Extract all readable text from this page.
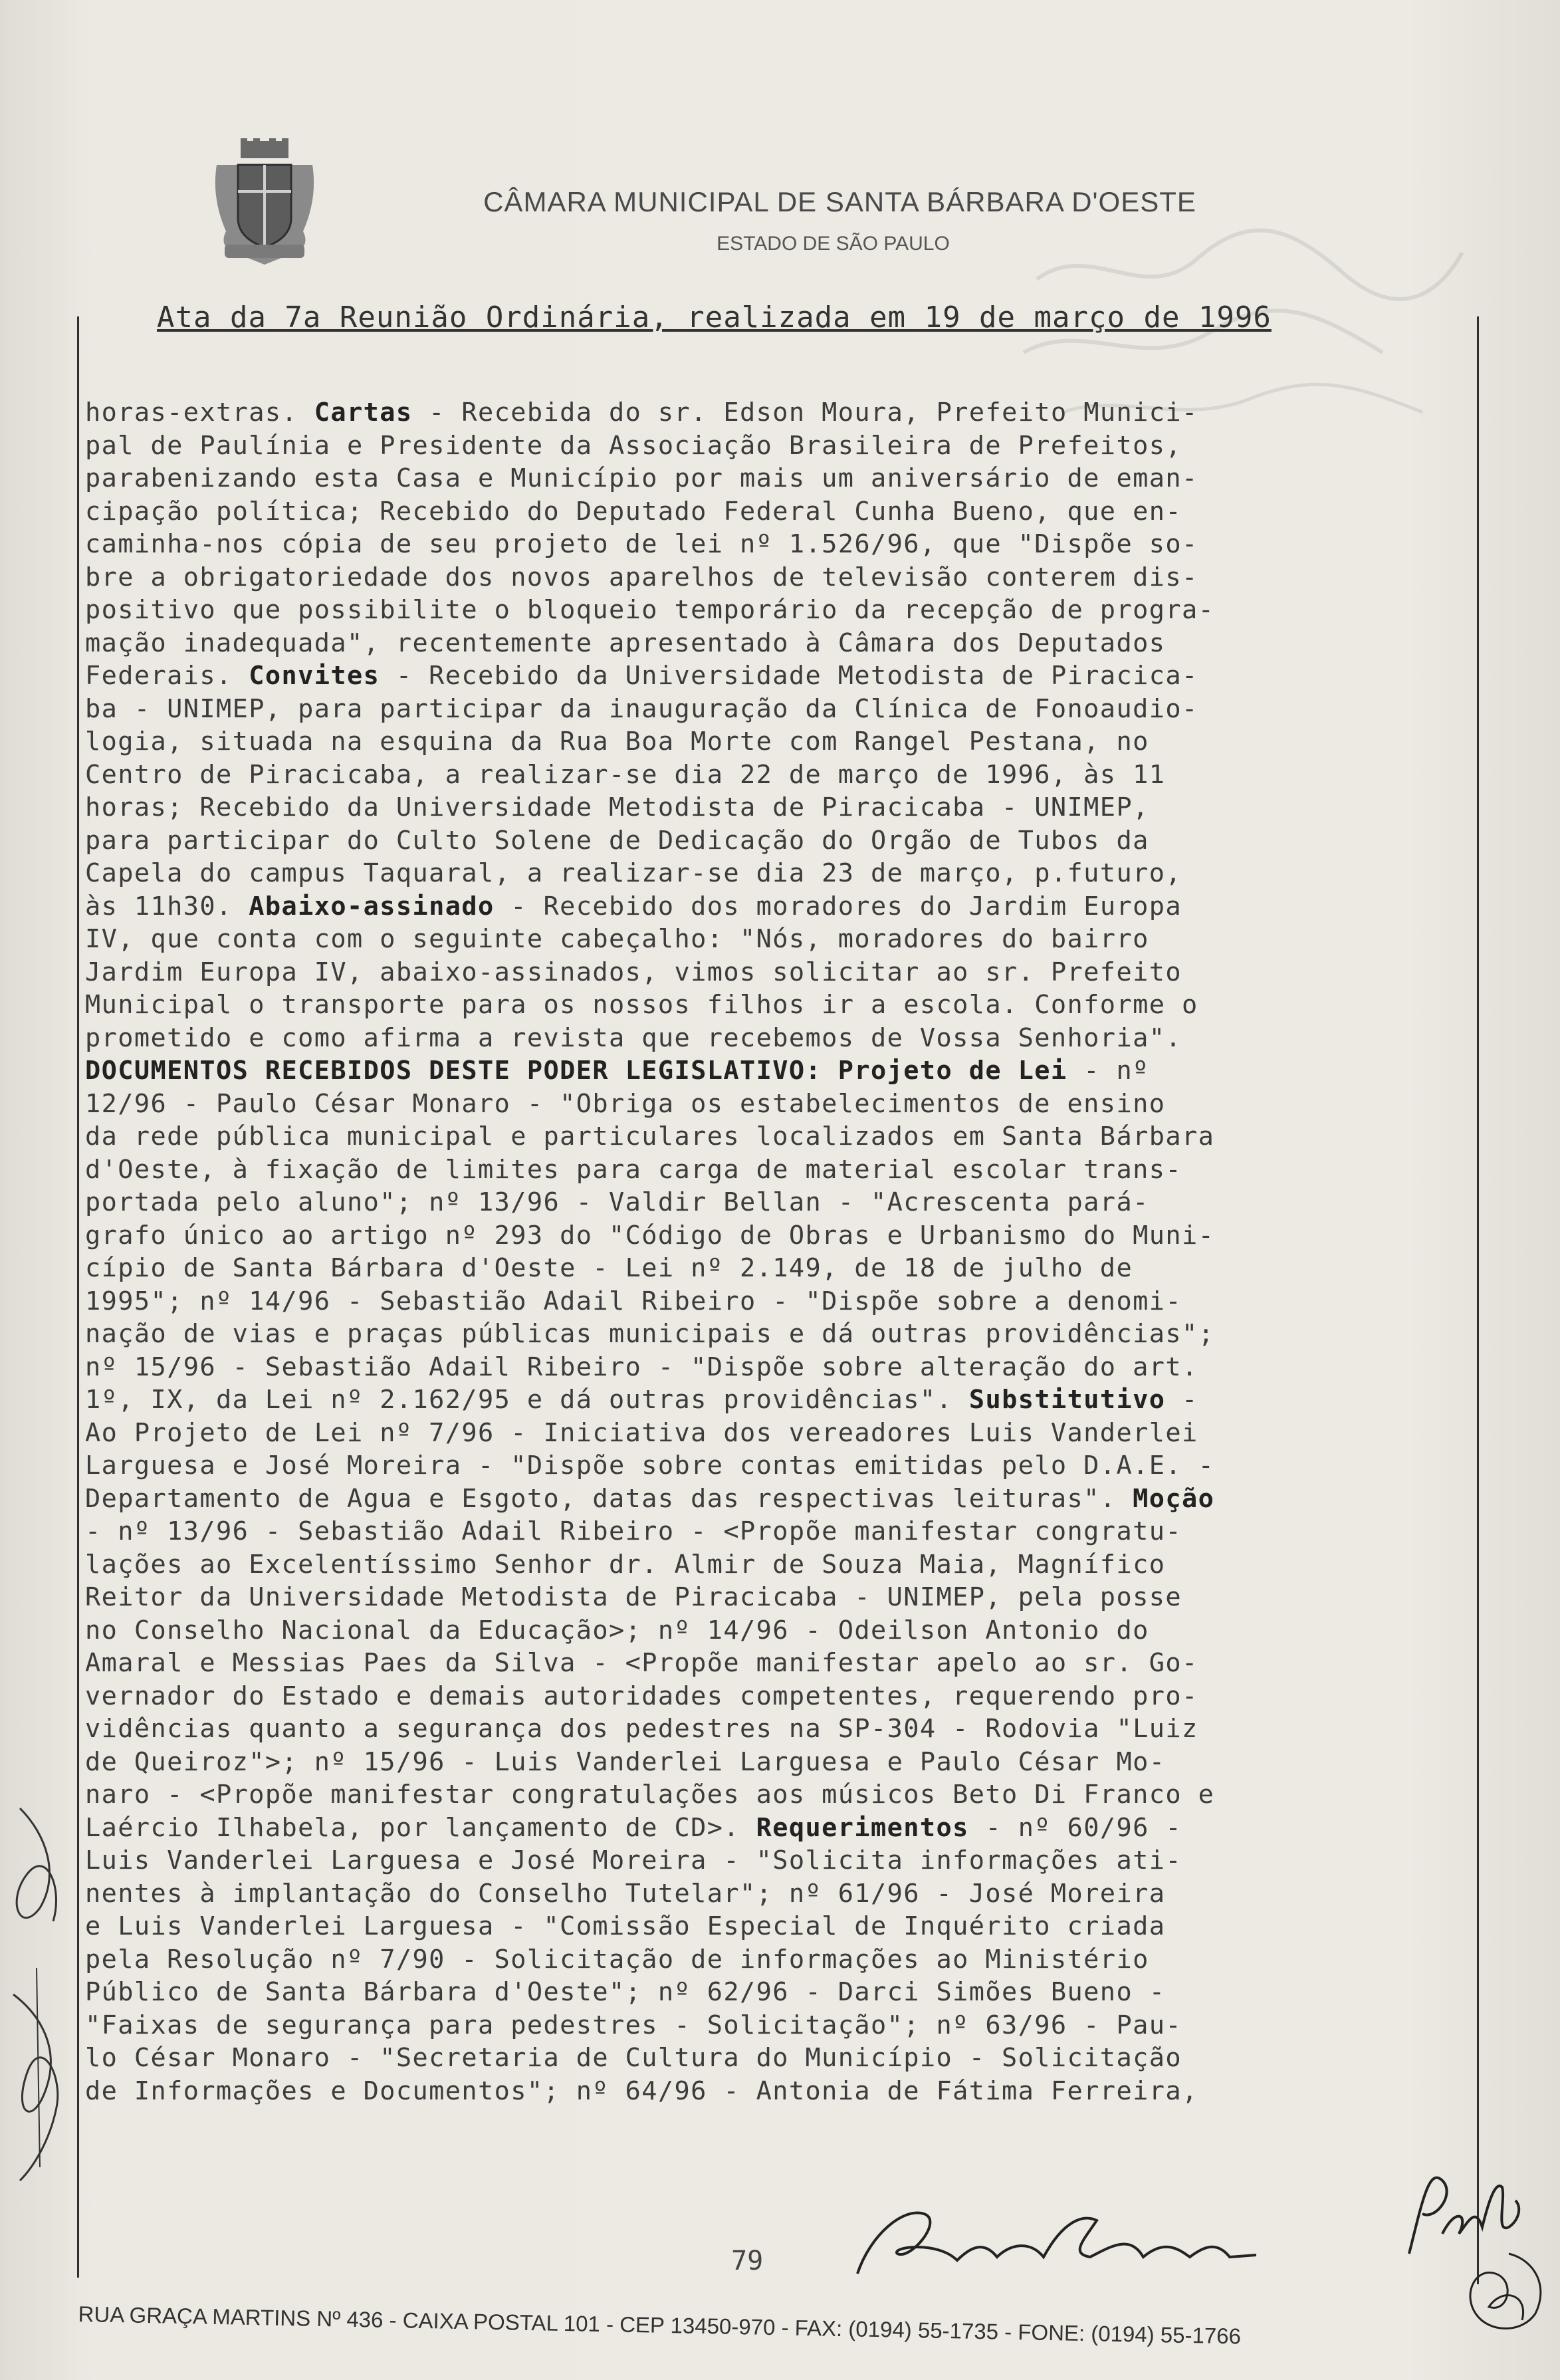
CÂMARA MUNICIPAL DE SANTA BÁRBARA D'OESTE
ESTADO DE SÃO PAULO
Ata da 7a Reunião Ordinária, realizada em 19 de março de 1996
horas-extras. Cartas - Recebida do sr. Edson Moura, Prefeito Munici-
pal de Paulínia e Presidente da Associação Brasileira de Prefeitos,
parabenizando esta Casa e Município por mais um aniversário de eman-
cipação política; Recebido do Deputado Federal Cunha Bueno, que en-
caminha-nos cópia de seu projeto de lei nº 1.526/96, que "Dispõe so-
bre a obrigatoriedade dos novos aparelhos de televisão conterem dis-
positivo que possibilite o bloqueio temporário da recepção de progra-
mação inadequada", recentemente apresentado à Câmara dos Deputados
Federais. Convites - Recebido da Universidade Metodista de Piracica-
ba - UNIMEP, para participar da inauguração da Clínica de Fonoaudio-
logia, situada na esquina da Rua Boa Morte com Rangel Pestana, no
Centro de Piracicaba, a realizar-se dia 22 de março de 1996, às 11
horas; Recebido da Universidade Metodista de Piracicaba - UNIMEP,
para participar do Culto Solene de Dedicação do Orgão de Tubos da
Capela do campus Taquaral, a realizar-se dia 23 de março, p.futuro,
às 11h30. Abaixo-assinado - Recebido dos moradores do Jardim Europa
IV, que conta com o seguinte cabeçalho: "Nós, moradores do bairro
Jardim Europa IV, abaixo-assinados, vimos solicitar ao sr. Prefeito
Municipal o transporte para os nossos filhos ir a escola. Conforme o
prometido e como afirma a revista que recebemos de Vossa Senhoria".
DOCUMENTOS RECEBIDOS DESTE PODER LEGISLATIVO: Projeto de Lei - nº
12/96 - Paulo César Monaro - "Obriga os estabelecimentos de ensino
da rede pública municipal e particulares localizados em Santa Bárbara
d'Oeste, à fixação de limites para carga de material escolar trans-
portada pelo aluno"; nº 13/96 - Valdir Bellan - "Acrescenta pará-
grafo único ao artigo nº 293 do "Código de Obras e Urbanismo do Muni-
cípio de Santa Bárbara d'Oeste - Lei nº 2.149, de 18 de julho de
1995"; nº 14/96 - Sebastião Adail Ribeiro - "Dispõe sobre a denomi-
nação de vias e praças públicas municipais e dá outras providências";
nº 15/96 - Sebastião Adail Ribeiro - "Dispõe sobre alteração do art.
1º, IX, da Lei nº 2.162/95 e dá outras providências". Substitutivo -
Ao Projeto de Lei nº 7/96 - Iniciativa dos vereadores Luis Vanderlei
Larguesa e José Moreira - "Dispõe sobre contas emitidas pelo D.A.E. -
Departamento de Agua e Esgoto, datas das respectivas leituras". Moção
- nº 13/96 - Sebastião Adail Ribeiro - <Propõe manifestar congratu-
lações ao Excelentíssimo Senhor dr. Almir de Souza Maia, Magnífico
Reitor da Universidade Metodista de Piracicaba - UNIMEP, pela posse
no Conselho Nacional da Educação>; nº 14/96 - Odeilson Antonio do
Amaral e Messias Paes da Silva - <Propõe manifestar apelo ao sr. Go-
vernador do Estado e demais autoridades competentes, requerendo pro-
vidências quanto a segurança dos pedestres na SP-304 - Rodovia "Luiz
de Queiroz">; nº 15/96 - Luis Vanderlei Larguesa e Paulo César Mo-
naro - <Propõe manifestar congratulações aos músicos Beto Di Franco e
Laércio Ilhabela, por lançamento de CD>. Requerimentos - nº 60/96 -
Luis Vanderlei Larguesa e José Moreira - "Solicita informações ati-
nentes à implantação do Conselho Tutelar"; nº 61/96 - José Moreira
e Luis Vanderlei Larguesa - "Comissão Especial de Inquérito criada
pela Resolução nº 7/90 - Solicitação de informações ao Ministério
Público de Santa Bárbara d'Oeste"; nº 62/96 - Darci Simões Bueno -
"Faixas de segurança para pedestres - Solicitação"; nº 63/96 - Pau-
lo César Monaro - "Secretaria de Cultura do Município - Solicitação
de Informações e Documentos"; nº 64/96 - Antonia de Fátima Ferreira,
79
RUA GRAÇA MARTINS Nº 436 - CAIXA POSTAL 101 - CEP 13450-970 - FAX: (0194) 55-1735 - FONE: (0194) 55-1766
